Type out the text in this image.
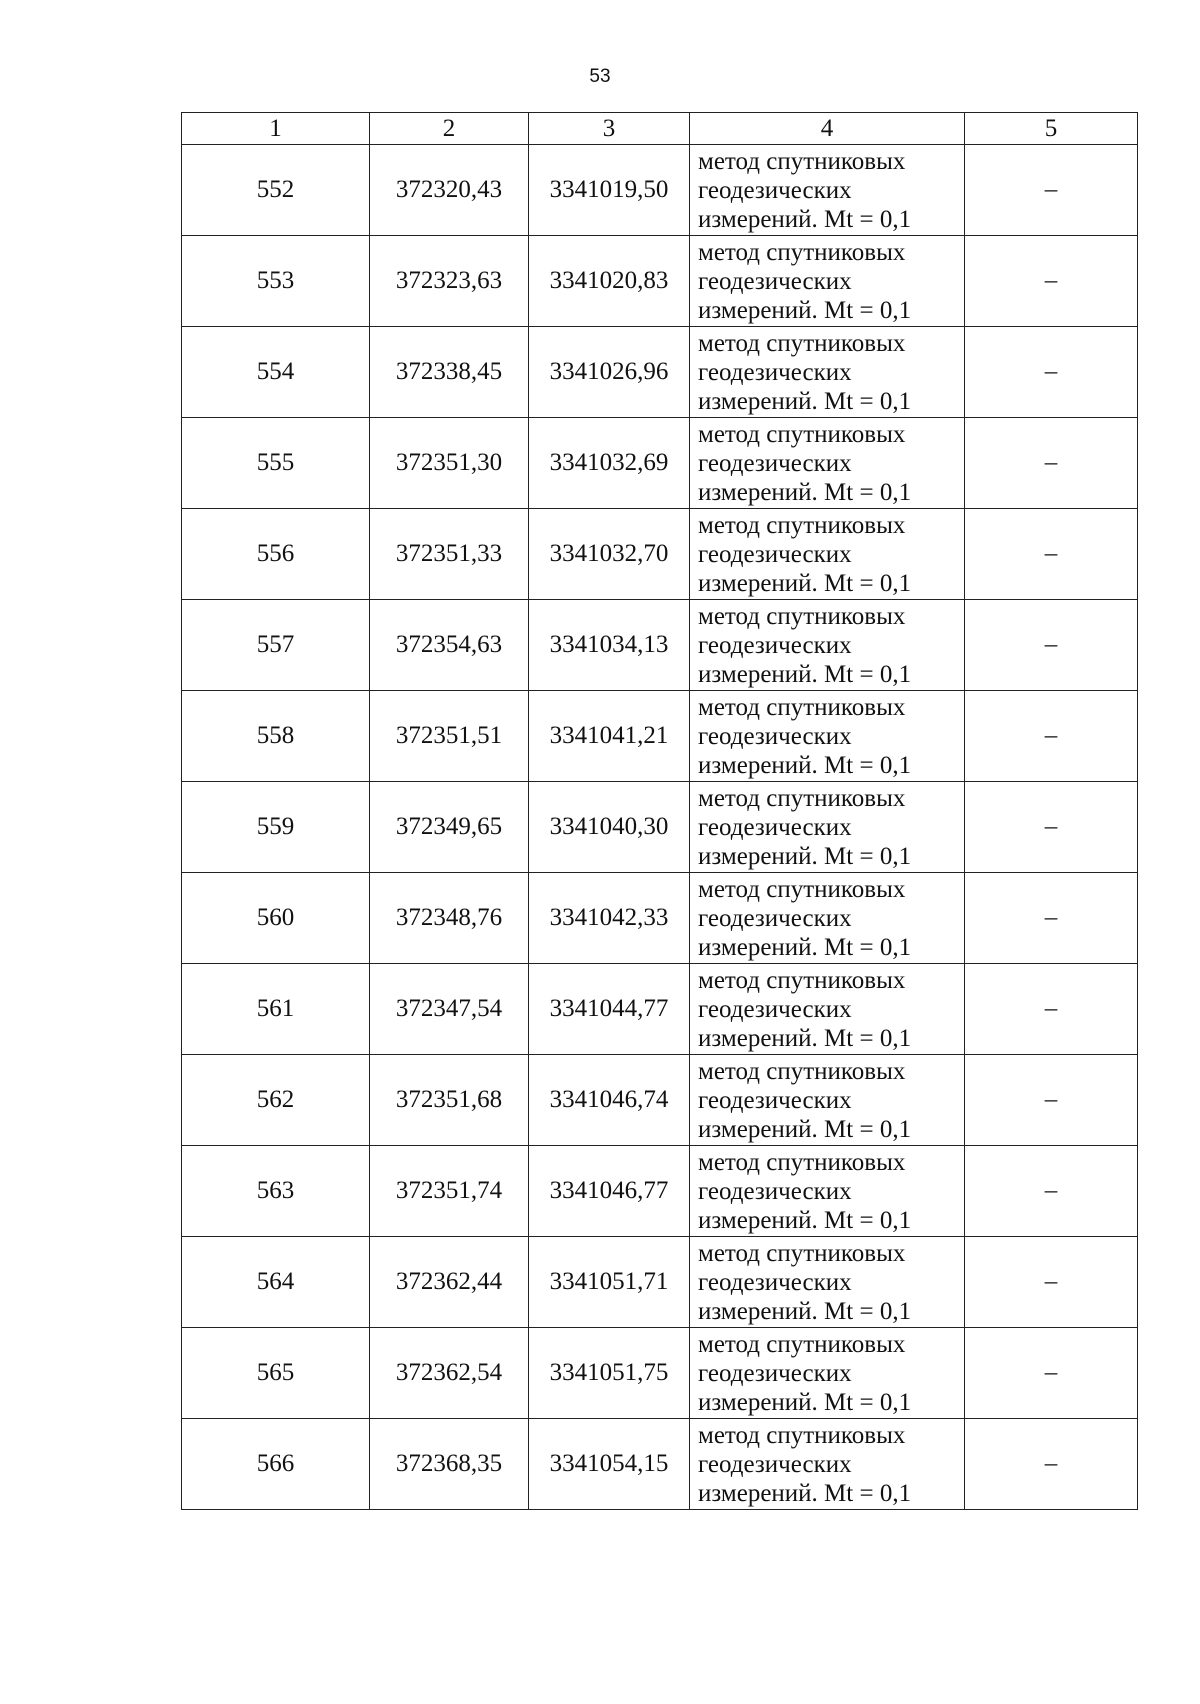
53
1	2	3	4	5
552	372320,43	3341019,50	метод спутниковых
геодезических
измерений. Mt = 0,1	–
553	372323,63	3341020,83	метод спутниковых
геодезических
измерений. Mt = 0,1	–
554	372338,45	3341026,96	метод спутниковых
геодезических
измерений. Mt = 0,1	–
555	372351,30	3341032,69	метод спутниковых
геодезических
измерений. Mt = 0,1	–
556	372351,33	3341032,70	метод спутниковых
геодезических
измерений. Mt = 0,1	–
557	372354,63	3341034,13	метод спутниковых
геодезических
измерений. Mt = 0,1	–
558	372351,51	3341041,21	метод спутниковых
геодезических
измерений. Mt = 0,1	–
559	372349,65	3341040,30	метод спутниковых
геодезических
измерений. Mt = 0,1	–
560	372348,76	3341042,33	метод спутниковых
геодезических
измерений. Mt = 0,1	–
561	372347,54	3341044,77	метод спутниковых
геодезических
измерений. Mt = 0,1	–
562	372351,68	3341046,74	метод спутниковых
геодезических
измерений. Mt = 0,1	–
563	372351,74	3341046,77	метод спутниковых
геодезических
измерений. Mt = 0,1	–
564	372362,44	3341051,71	метод спутниковых
геодезических
измерений. Mt = 0,1	–
565	372362,54	3341051,75	метод спутниковых
геодезических
измерений. Mt = 0,1	–
566	372368,35	3341054,15	метод спутниковых
геодезических
измерений. Mt = 0,1	–
